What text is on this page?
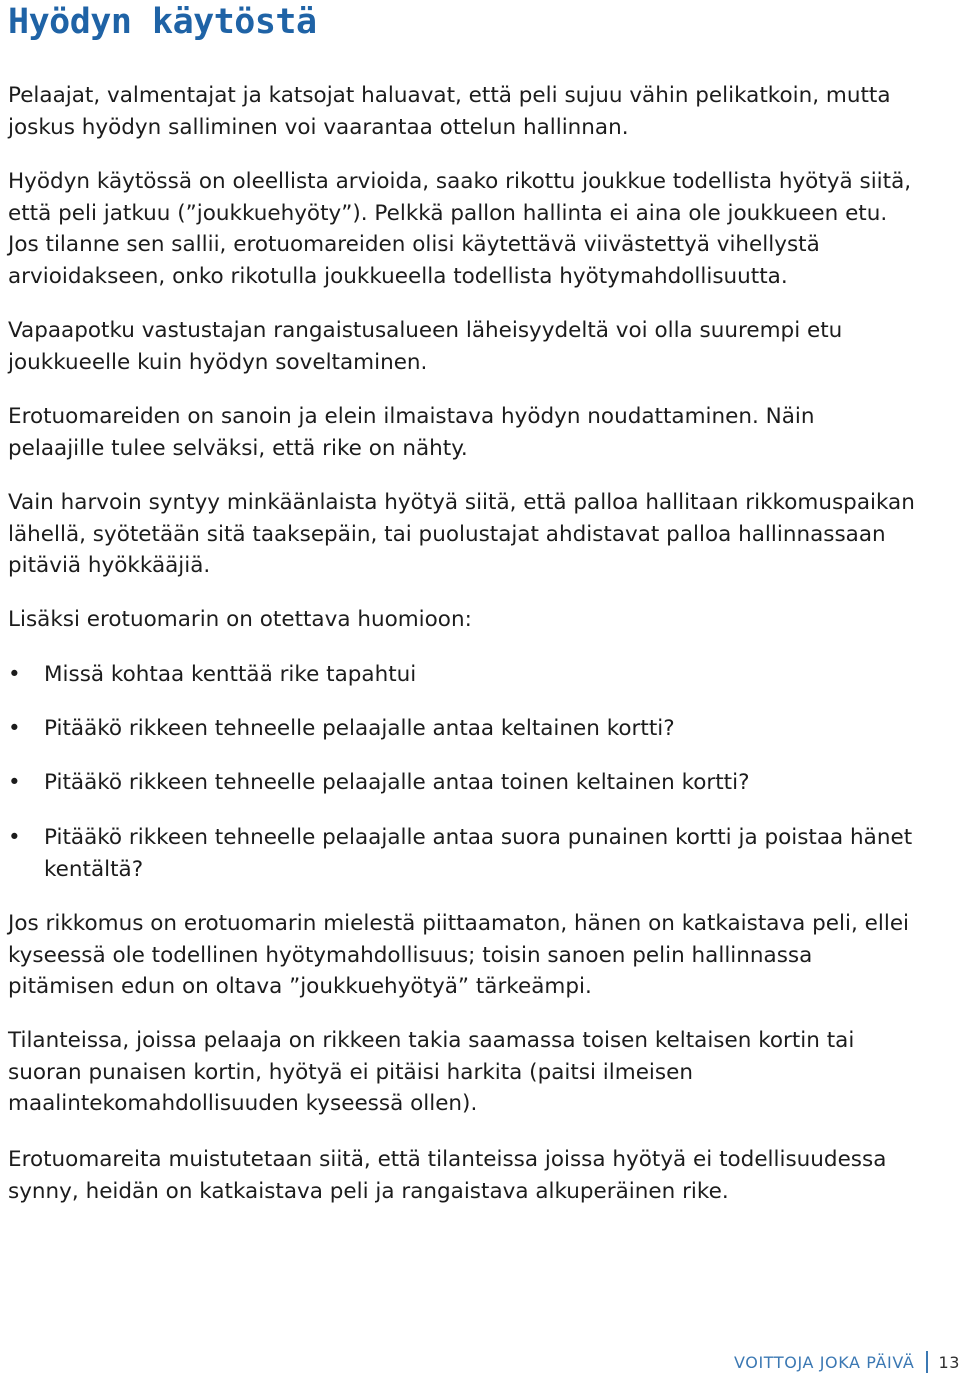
Hyödyn käytöstä

Pelaajat, valmentajat ja katsojat haluavat, että peli sujuu vähin pelikatkoin, mutta joskus hyödyn salliminen voi vaarantaa ottelun hallinnan.

Hyödyn käytössä on oleellista arvioida, saako rikottu joukkue todellista hyötyä siitä, että peli jatkuu (”joukkuehyöty”). Pelkkä pallon hallinta ei aina ole joukkueen etu. Jos tilanne sen sallii, erotuomareiden olisi käytettävä viivästettyä vihellystä arvioidakseen, onko rikotulla joukkueella todellista hyötymahdollisuutta.

Vapaapotku vastustajan rangaistusalueen läheisyydeltä voi olla suurempi etu joukkueelle kuin hyödyn soveltaminen.

Erotuomareiden on sanoin ja elein ilmaistava hyödyn noudattaminen. Näin pelaajille tulee selväksi, että rike on nähty.

Vain harvoin syntyy minkäänlaista hyötyä siitä, että palloa hallitaan rikkomuspaikan lähellä, syötetään sitä taaksepäin, tai puolustajat ahdistavat palloa hallinnassaan pitäviä hyökkääjiä.

Lisäksi erotuomarin on otettava huomioon:

•	Missä kohtaa kenttää rike tapahtui
•	Pitääkö rikkeen tehneelle pelaajalle antaa keltainen kortti?
•	Pitääkö rikkeen tehneelle pelaajalle antaa toinen keltainen kortti?
•	Pitääkö rikkeen tehneelle pelaajalle antaa suora punainen kortti ja poistaa hänet kentältä?

Jos rikkomus on erotuomarin mielestä piittaamaton, hänen on katkaistava peli, ellei kyseessä ole todellinen hyötymahdollisuus; toisin sanoen pelin hallinnassa pitämisen edun on oltava ”joukkuehyötyä” tärkeämpi.

Tilanteissa, joissa pelaaja on rikkeen takia saamassa toisen keltaisen kortin tai suoran punaisen kortin, hyötyä ei pitäisi harkita (paitsi ilmeisen maalintekomahdollisuuden kyseessä ollen).

Erotuomareita muistutetaan siitä, että tilanteissa joissa hyötyä ei todellisuudessa synny, heidän on katkaistava peli ja rangaistava alkuperäinen rike.

VOITTOJA JOKA PÄIVÄ 13
